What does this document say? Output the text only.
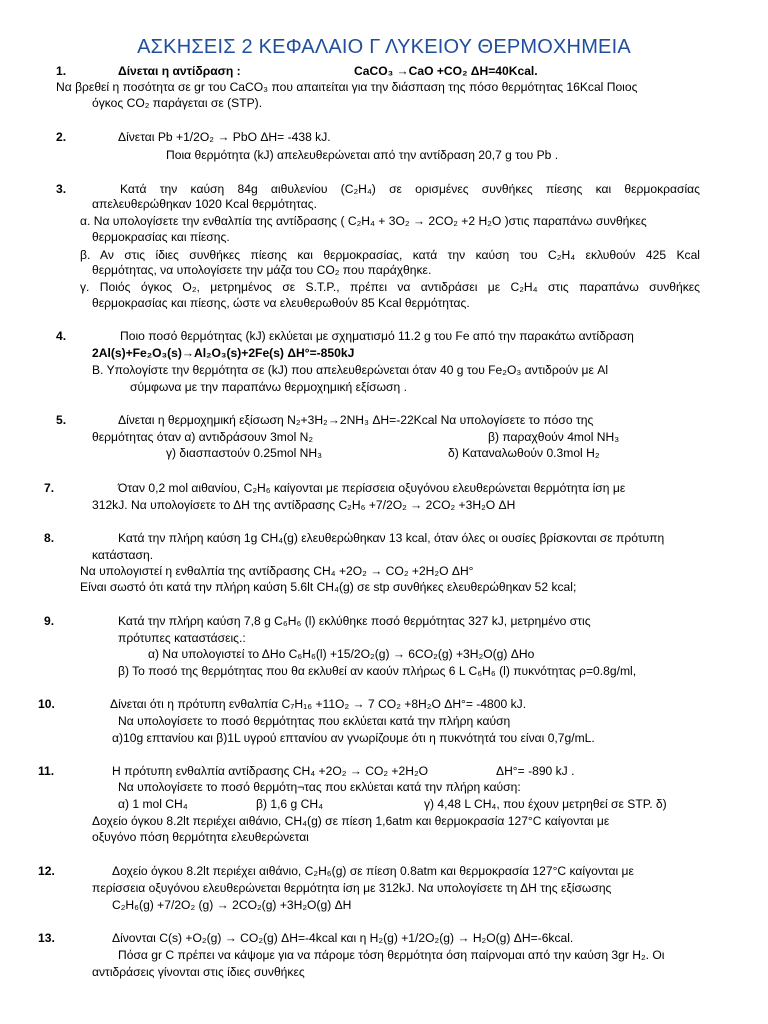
ΑΣΚΗΣΕΙΣ 2 ΚΕΦΑΛΑΙΟ Γ ΛΥΚΕΙΟΥ ΘΕΡΜΟΧΗΜΕΙΑ
1.	Δίνεται η αντίδραση :	CaCO₃ →CaO +CO₂ ΔH=40Kcal.
Να βρεθεί η ποσότητα σε gr του CaCO₃ που απαιτείται για την διάσπαση της πόσο θερμότητας 16Kcal Ποιος
όγκος CO₂ παράγεται σε (STP).
2.	Δίνεται Pb +1/2O₂ → PbO ΔH= -438 kJ.
Ποια θερμότητα (kJ) απελευθερώνεται από την αντίδραση 20,7 g του Pb .
3.	Κατά την καύση 84g αιθυλενίου (C₂H₄) σε ορισμένες συνθήκες πίεσης και θερμοκρασίας
απελευθερώθηκαν 1020 Kcal θερμότητας.
α. Να υπολογίσετε την ενθαλπία της αντίδρασης ( C₂H₄ + 3O₂ → 2CO₂ +2 H₂O )στις παραπάνω συνθήκες
θερμοκρασίας και πίεσης.
β. Αν στις ίδιες συνθήκες πίεσης και θερμοκρασίας, κατά την καύση του C₂H₄ εκλυθούν 425 Kcal
θερμότητας, να υπολογίσετε την μάζα του CO₂ που παράχθηκε.
γ. Ποιός όγκος O₂, μετρημένος σε S.T.P., πρέπει να αντιδράσει με C₂H₄ στις παραπάνω συνθήκες
θερμοκρασίας και πίεσης, ώστε να ελευθερωθούν 85 Kcal θερμότητας.
4.	Ποιο ποσό θερμότητας (kJ) εκλύεται με σχηματισμό 11.2 g του Fe από την παρακάτω αντίδραση
2Al(s)+Fe₂O₃(s)→Al₂O₃(s)+2Fe(s) ΔH°=-850kJ
Β. Υπολογίστε την θερμότητα σε (kJ) που απελευθερώνεται όταν 40 g του Fe₂O₃ αντιδρούν με Al
σύμφωνα με την παραπάνω θερμοχημική εξίσωση .
5.	Δίνεται η θερμοχημική εξίσωση N₂+3H₂→2NH₃ ΔΗ=-22Kcal Να υπολογίσετε το πόσο της
θερμότητας όταν α) αντιδράσουν 3mol N₂	β) παραχθούν 4mol NH₃
γ) διασπαστούν 0.25mol NH₃	δ) Καταναλωθούν 0.3mol H₂
7.	Όταν 0,2 mol αιθανίου, C₂H₆ καίγονται με περίσσεια οξυγόνου ελευθερώνεται θερμότητα ίση με
312kJ. Να υπολογίσετε το ΔΗ της αντίδρασης C₂H₆ +7/2O₂ → 2CO₂ +3H₂O ΔΗ
8.	Κατά την πλήρη καύση 1g CH₄(g) ελευθερώθηκαν 13 kcal, όταν όλες οι ουσίες βρίσκονται σε πρότυπη
κατάσταση.
Να υπολογιστεί η ενθαλπία της αντίδρασης CH₄ +2O₂ → CO₂ +2H₂O ΔΗ°
Είναι σωστό ότι κατά την πλήρη καύση 5.6lt CH₄(g) σε stp συνθήκες ελευθερώθηκαν 52 kcal;
9.	Κατά την πλήρη καύση 7,8 g C₆H₆ (l) εκλύθηκε ποσό θερμότητας 327 kJ, μετρημένο στις
πρότυπες καταστάσεις.:
α) Να υπολογιστεί το ΔΗο C₆H₆(l) +15/2O₂(g) → 6CO₂(g) +3H₂O(g) ΔΗο
β) Το ποσό της θερμότητας που θα εκλυθεί αν καούν πλήρως 6 L C₆H₆ (l) πυκνότητας ρ=0.8g/ml,
10.	Δίνεται ότι η πρότυπη ενθαλπία C₇H₁₆ +11O₂ → 7 CO₂ +8H₂O ΔΗ°= -4800 kJ.
Να υπολογίσετε το ποσό θερμότητας που εκλύεται κατά την πλήρη καύση
α)10g επτανίου και β)1L υγρού επτανίου αν γνωρίζουμε ότι η πυκνότητά του είναι 0,7g/mL.
11.	Η πρότυπη ενθαλπία αντίδρασης CH₄ +2O₂ → CO₂ +2H₂O	ΔΗ°= -890 kJ .
Να υπολογίσετε το ποσό θερμότη¬τας που εκλύεται κατά την πλήρη καύση:
α) 1 mol CH₄	β) 1,6 g CH₄	γ) 4,48 L CH₄, που έχουν μετρηθεί σε STP. δ)
Δοχείο όγκου 8.2lt περιέχει αιθάνιο, CH₄(g) σε πίεση 1,6atm και θερμοκρασία 127°C καίγονται με
οξυγόνο πόση θερμότητα ελευθερώνεται
12.	Δοχείο όγκου 8.2lt περιέχει αιθάνιο, C₂H₆(g) σε πίεση 0.8atm και θερμοκρασία 127°C καίγονται με
περίσσεια οξυγόνου ελευθερώνεται θερμότητα ίση με 312kJ. Να υπολογίσετε τη ΔΗ της εξίσωσης
C₂H₆(g) +7/2O₂ (g) → 2CO₂(g) +3H₂O(g) ΔΗ
13.	Δίνονται C(s) +O₂(g) → CO₂(g) ΔΗ=-4kcal και η H₂(g) +1/2O₂(g) → H₂O(g) ΔΗ=-6kcal.
Πόσα gr C πρέπει να κάψομε για να πάρομε τόση θερμότητα όση παίρνομαι από την καύση 3gr H₂. Οι
αντιδράσεις γίνονται στις ίδιες συνθήκες
